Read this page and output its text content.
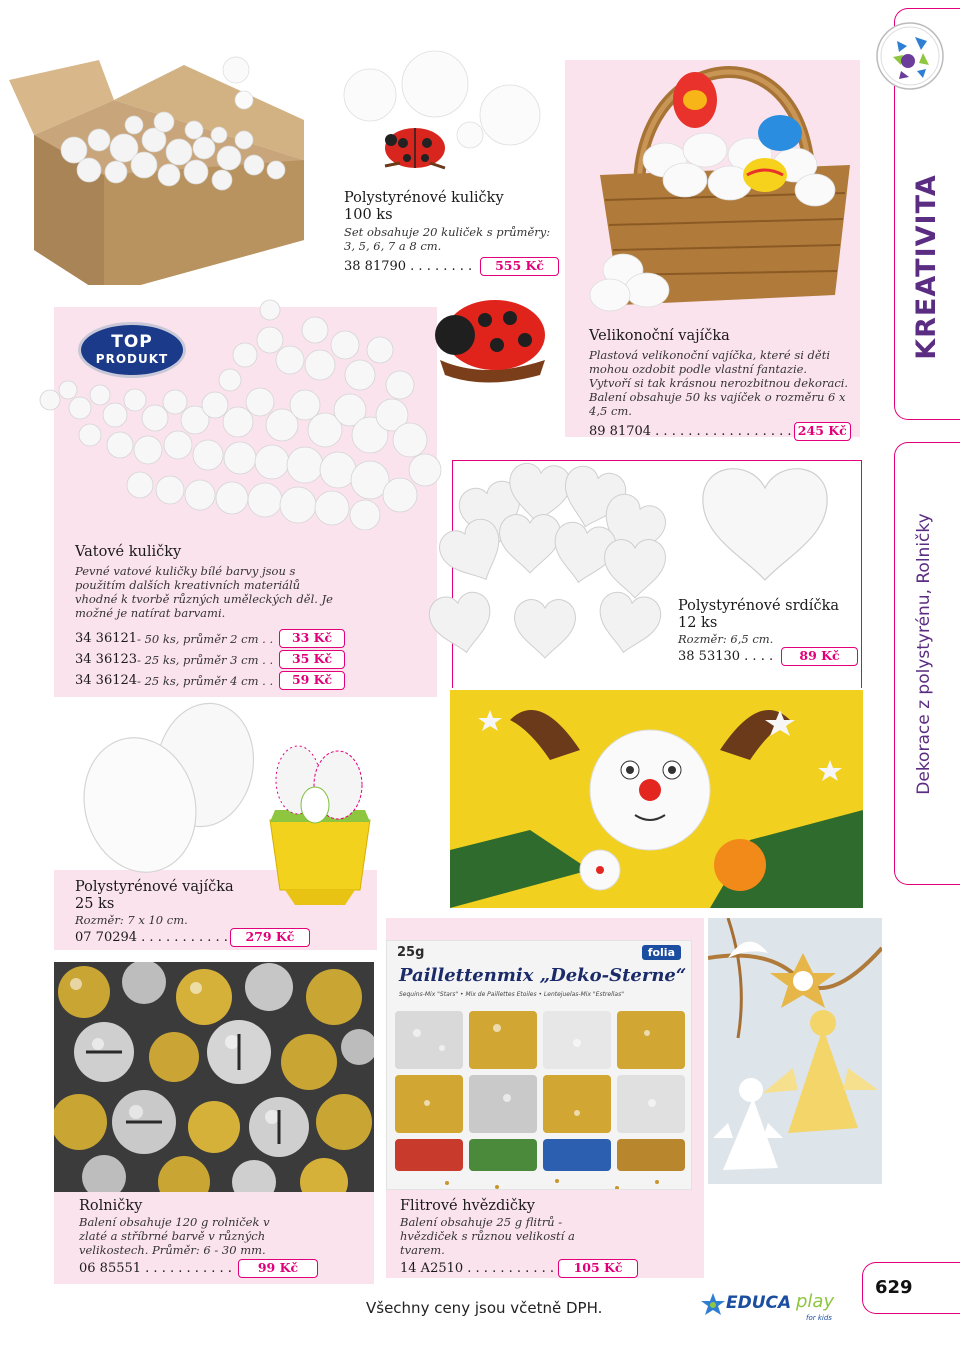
Polystyrénové kuličky
100 ks
Set obsahuje 20 kuliček s průměry: 3, 5, 6, 7 a 8 cm.
38 81790 . . . . . . . .	555 Kč
Velikonoční vajíčka
Plastová velikonoční vajíčka, které si děti mohou ozdobit podle vlastní fantazie. Vytvoří si tak krásnou nerozbitnou dekoraci. Balení obsahuje 50 ks vajíček o rozměru 6 x 4,5 cm.
89 81704 . . . . . . . . . . . . . . . . . 245 Kč
KREATIVITA
Dekorace z polystyrénu, Rolničky
TOP
PRODUKT
Vatové kuličky
Pevné vatové kuličky bílé barvy jsou s použitím dalších kreativních materiálů vhodné k tvorbě různých uměleckých děl. Je možné je natírat barvami.
34 36121 - 50 ks, průměr 2 cm . .	33 Kč
34 36123 - 25 ks, průměr 3 cm . .	35 Kč
34 36124 - 25 ks, průměr 4 cm . .	59 Kč
Polystyrénové srdíčka
12 ks
Rozměr: 6,5 cm.
38 53130 . . . .	89 Kč
Polystyrénové vajíčka
25 ks
Rozměr: 7 x 10 cm.
07 70294 . . . . . . . . . . .	279 Kč
Rolničky
Balení obsahuje 120 g rolniček v zlaté a stříbrné barvě v různých velikostech. Průměr: 6 - 30 mm.
06 85551 . . . . . . . . . . .	99 Kč
25g	folia
Paillettenmix „Deko-Sterne“
Sequins-Mix "Stars" • Mix de Paillettes Étoiles • Lentejuelas-Mix "Estrellas"
Flitrové hvězdičky
Balení obsahuje 25 g flitrů - hvězdiček s různou velikostí a tvarem.
14 A2510 . . . . . . . . . . .	105 Kč
Všechny ceny jsou včetně DPH.	EDUCA play
for kids
629
